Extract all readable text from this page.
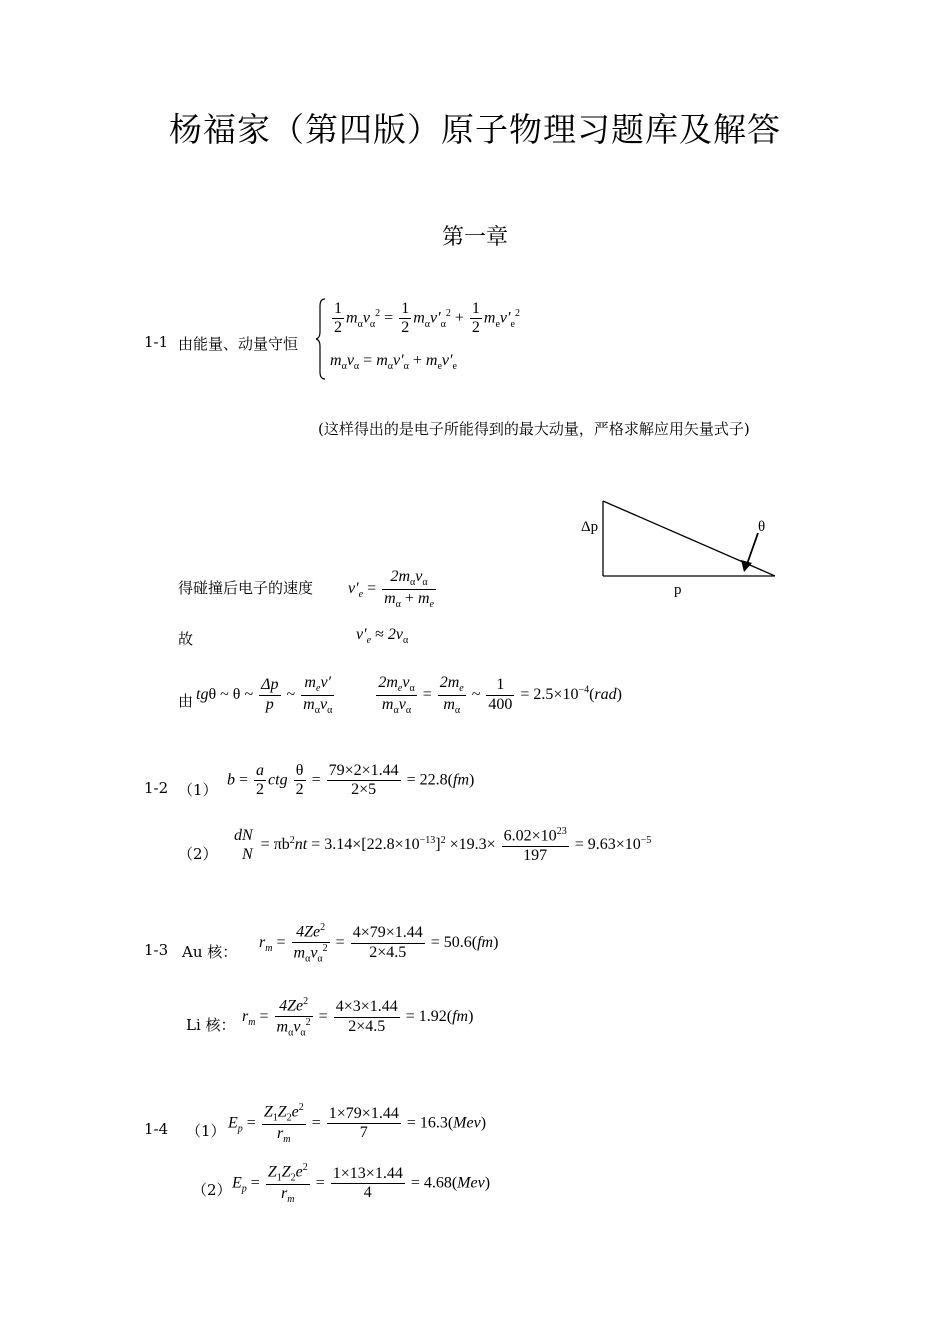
杨福家（第四版）原子物理习题库及解答
第一章
1-1 由能量、动量守恒
$\frac{1}{2} m_\alpha v_\alpha^2 = \frac{1}{2} m_\alpha v'_\alpha^2 + \frac{1}{2} m_ev'_e^2$
$m_\alpha v_\alpha = m_\alpha v'_\alpha + m_ev'_e$
(这样得出的是电子所能得到的最大动量，严格求解应用矢量式子)
Δp	θ
p
得碰撞后电子的速度 $v'_e = \frac{2m_\alpha v_\alpha}{m_\alpha + m_e}$
故	$v'_e \approx 2v_\alpha$
由 tgθ ~ θ ~ $\frac{\Delta p}{p}$ ~ $\frac{m_ev'}{m_\alpha v_\alpha}$
	$\frac{2m_ev_\alpha}{m_\alpha v_\alpha} = \frac{2m_e}{m_\alpha}$ ~ $\frac{1}{400} = 2.5\times 10^{-4}(rad)$
1-2 （1）
$b = \frac{a}{2}$ ctg $\frac{\theta}{2} = \frac{79\times 2\times 1.44}{2\times 5} = 22.8(fm)$
（2）
dN
N
= $\pi b^2nt = 3.14\times[22.8\times 10^{-13}]^2 \times 19.3\times \frac{6.02\times 10^{23}}{197} = 9.63\times 10^{-5}$
1-3 Au 核：
$r_m = \frac{4Ze^2}{m_\alpha v_\alpha^2} = \frac{4\times 79\times 1.44}{2\times 4.5} = 50.6(fm)$
Li 核： $r_m = \frac{4Ze^2}{m_\alpha v_\alpha^2} = \frac{4\times 3\times 1.44}{2\times 4.5} = 1.92(fm)$
1-4 （1） $E_p = \frac{Z_1Z_2e^2}{r_m} = \frac{1\times 79\times 1.44}{7} = 16.3(Mev)$
（2） $E_p = \frac{Z_1Z_2e^2}{r_m} = \frac{1\times 13\times 1.44}{4} = 4.68(Mev)$
